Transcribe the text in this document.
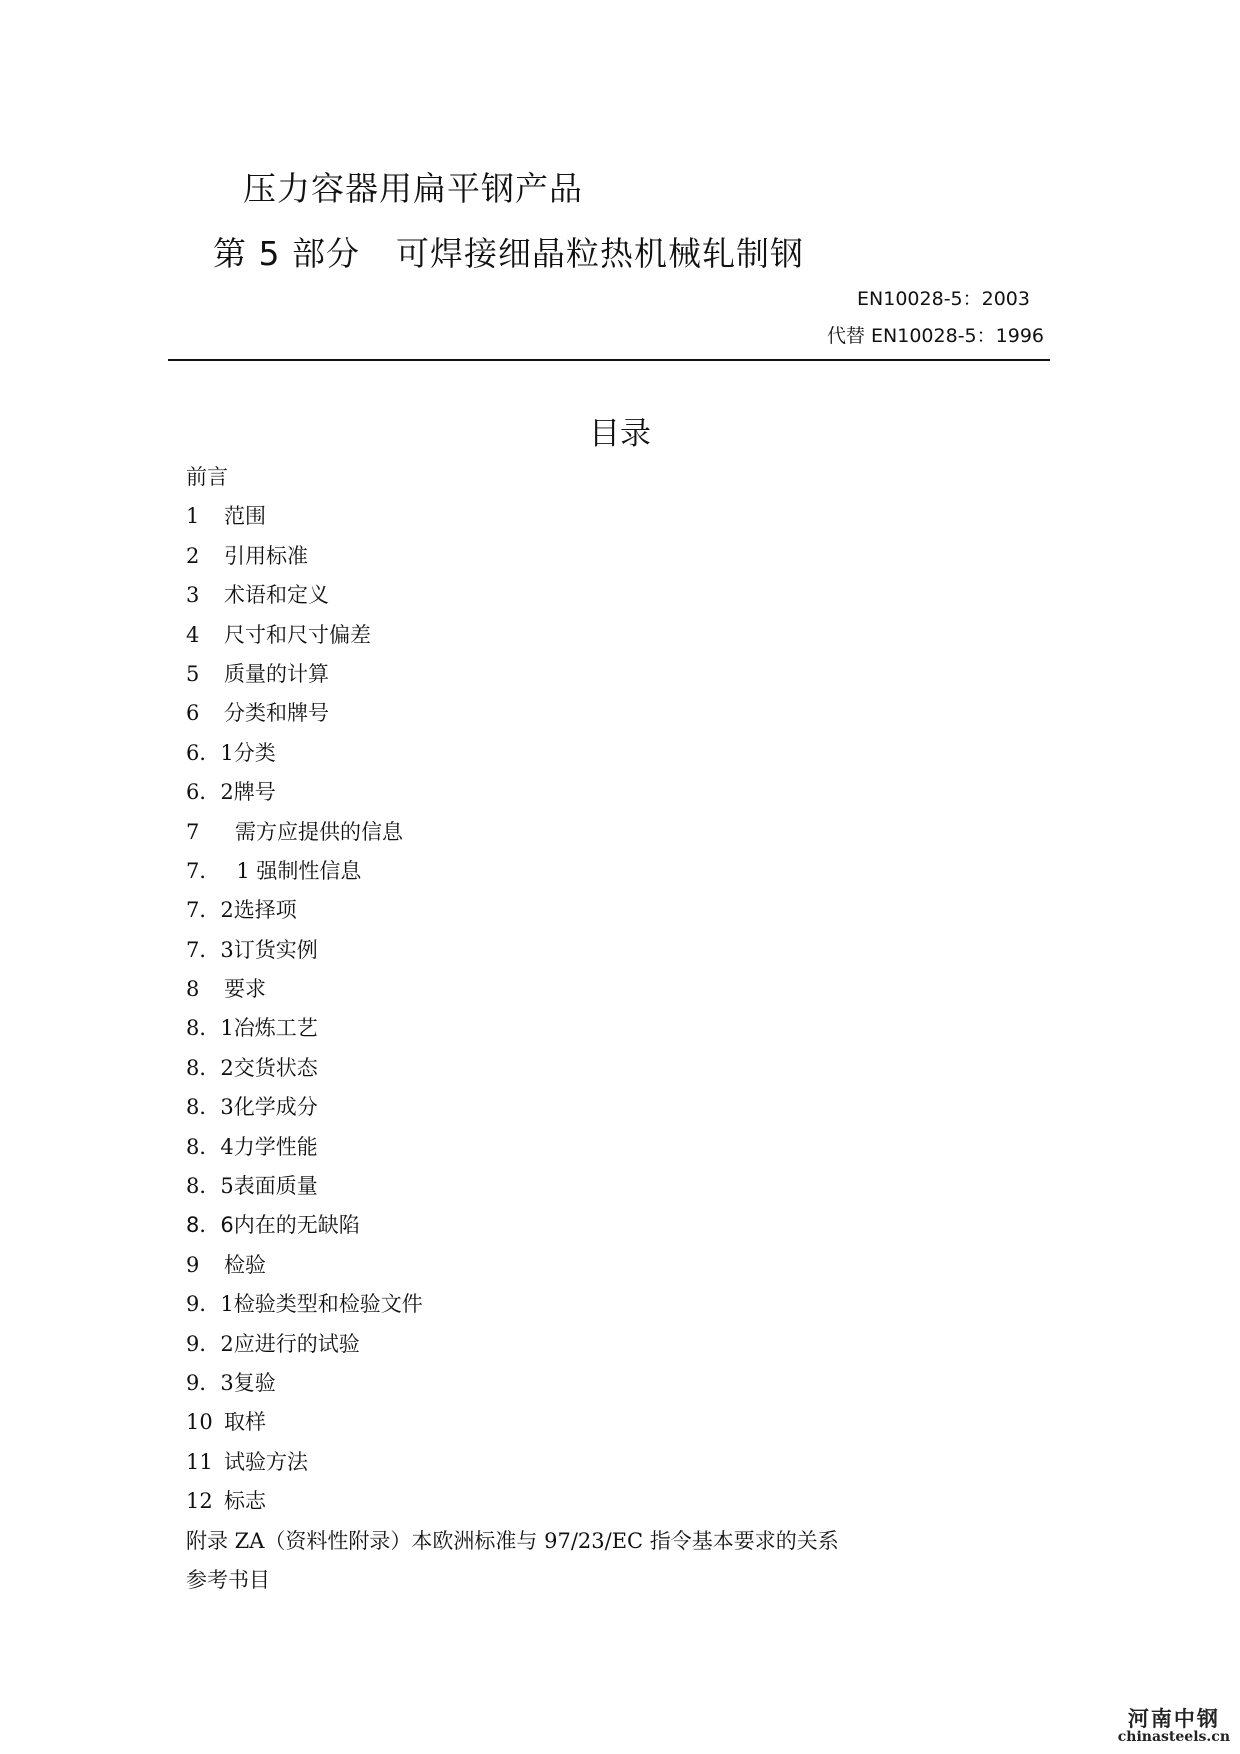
压力容器用扁平钢产品
第 5 部分 可焊接细晶粒热机械轧制钢
EN10028-5：2003
代替 EN10028-5：1996
目录
前言
1 范围
2 引用标准
3 术语和定义
4 尺寸和尺寸偏差
5 质量的计算
6 分类和牌号
6．1分类
6．2牌号
7 需方应提供的信息
7． 1 强制性信息
7．2选择项
7．3订货实例
8 要求
8．1冶炼工艺
8．2交货状态
8．3化学成分
8．4力学性能
8．5表面质量
8．6内在的无缺陷
9 检验
9．1检验类型和检验文件
9．2应进行的试验
9．3复验
10 取样
11 试验方法
12 标志
附录 ZA（资料性附录）本欧洲标准与 97/23/EC 指令基本要求的关系
参考书目
河南中钢
chinasteels.cn
